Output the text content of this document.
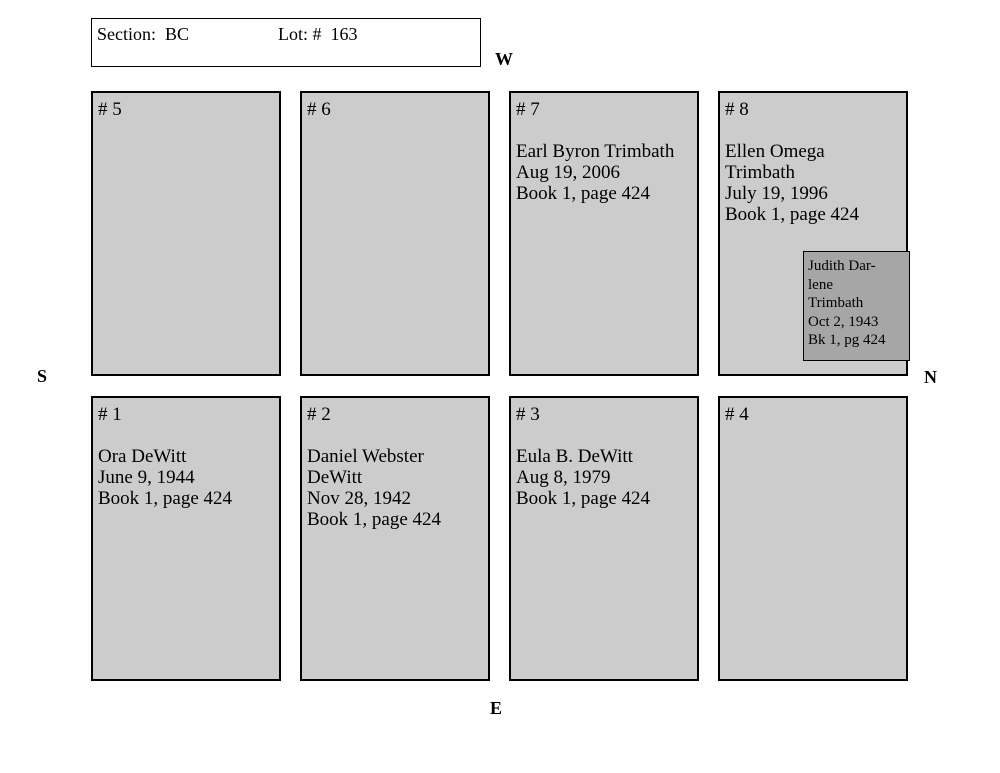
Section:  BC	Lot: #  163
W
E
S	N
# 5	# 6	# 7
Earl Byron Trimbath
Aug 19, 2006
Book 1, page 424
# 8
Ellen Omega
Trimbath
July 19, 1996
Book 1, page 424
Judith Dar-
lene
Trimbath
Oct 2, 1943
Bk 1, pg 424
# 1
Ora DeWitt
June 9, 1944
Book 1, page 424
# 2
Daniel Webster
DeWitt
Nov 28, 1942
Book 1, page 424
# 3
Eula B. DeWitt
Aug 8, 1979
Book 1, page 424
# 4
